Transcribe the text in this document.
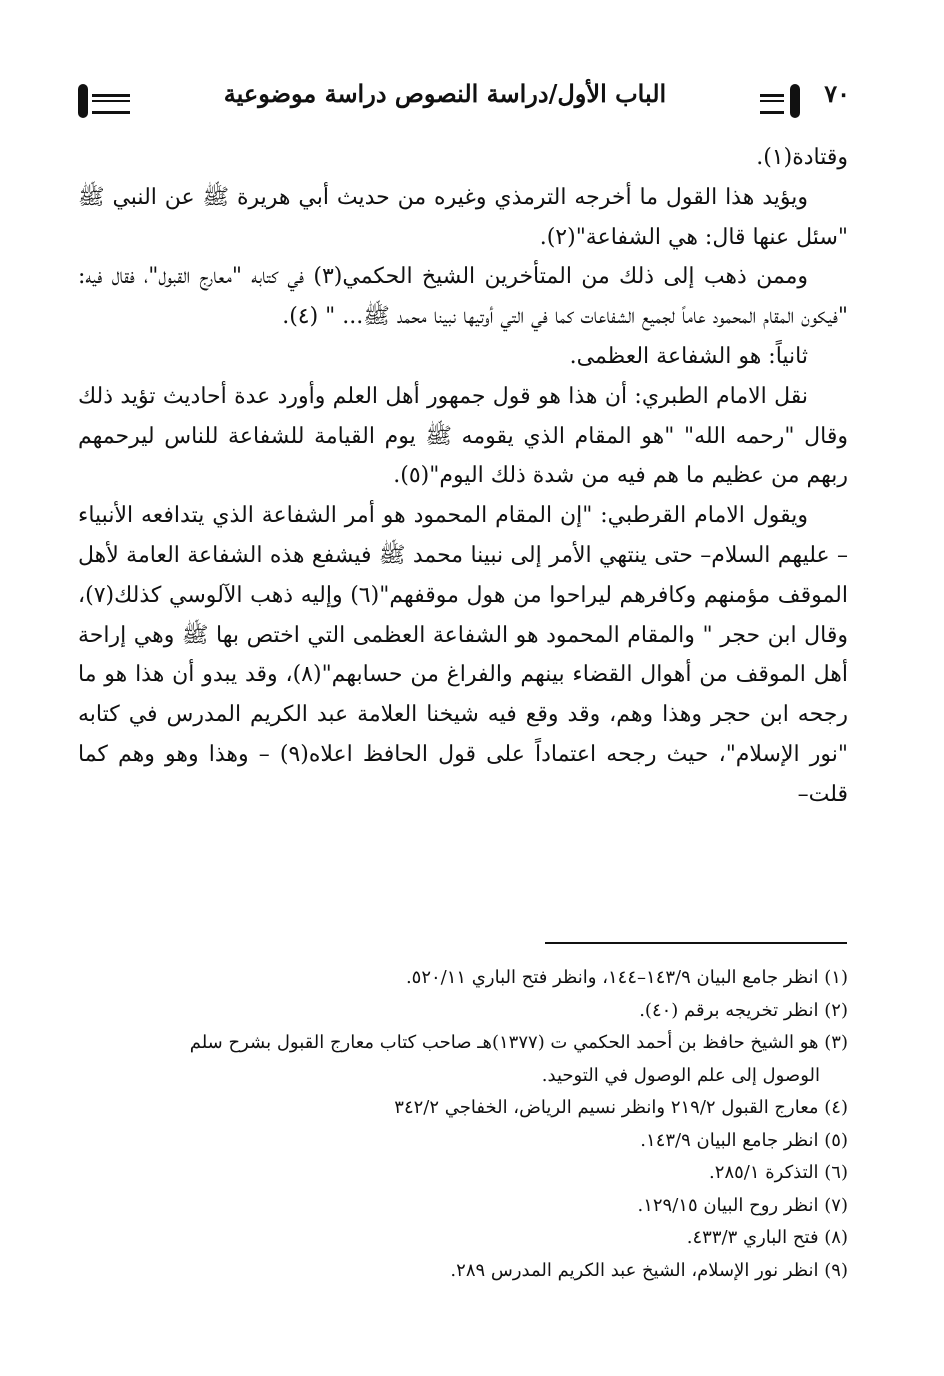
٧٠
الباب الأول/دراسة النصوص دراسة موضوعية

وقتادة(١).

ويؤيد هذا القول ما أخرجه الترمذي وغيره من حديث أبي هريرة ﷺ عن النبي ﷺ "سئل عنها قال: هي الشفاعة"(٢).

وممن ذهب إلى ذلك من المتأخرين الشيخ الحكمي(٣) في كتابه "معارج القبول"، فقال فيه: "فيكون المقام المحمود عاماً لجميع الشفاعات كما في التي أوتيها نبينا محمد ﷺ... " (٤).

ثانياً: هو الشفاعة العظمى.

نقل الامام الطبري: أن هذا هو قول جمهور أهل العلم وأورد عدة أحاديث تؤيد ذلك وقال "رحمه الله" "هو المقام الذي يقومه ﷺ يوم القيامة للشفاعة للناس ليرحمهم ربهم من عظيم ما هم فيه من شدة ذلك اليوم"(٥).

ويقول الامام القرطبي: "إن المقام المحمود هو أمر الشفاعة الذي يتدافعه الأنبياء – عليهم السلام– حتى ينتهي الأمر إلى نبينا محمد ﷺ فيشفع هذه الشفاعة العامة لأهل الموقف مؤمنهم وكافرهم ليراحوا من هول موقفهم"(٦) وإليه ذهب الآلوسي كذلك(٧)، وقال ابن حجر " والمقام المحمود هو الشفاعة العظمى التي اختص بها ﷺ وهي إراحة أهل الموقف من أهوال القضاء بينهم والفراغ من حسابهم"(٨)، وقد يبدو أن هذا هو ما رجحه ابن حجر وهذا وهم، وقد وقع فيه شيخنا العلامة عبد الكريم المدرس في كتابه "نور الإسلام"، حيث رجحه اعتماداً على قول الحافظ اعلاه(٩) – وهذا وهو وهم كما قلت–

(١) انظر جامع البيان ١٤٣/٩–١٤٤، وانظر فتح الباري ٥٢٠/١١.

(٢) انظر تخريجه برقم (٤٠).

(٣) هو الشيخ حافظ بن أحمد الحكمي ت (١٣٧٧)هـ صاحب كتاب معارج القبول بشرح سلم

الوصول إلى علم الوصول في التوحيد.

(٤) معارج القبول ٢١٩/٢ وانظر نسيم الرياض، الخفاجي ٣٤٢/٢

(٥) انظر جامع البيان ١٤٣/٩.

(٦) التذكرة ٢٨٥/١.

(٧) انظر روح البيان ١٢٩/١٥.

(٨) فتح الباري ٤٣٣/٣.

(٩) انظر نور الإسلام، الشيخ عبد الكريم المدرس ٢٨٩.
